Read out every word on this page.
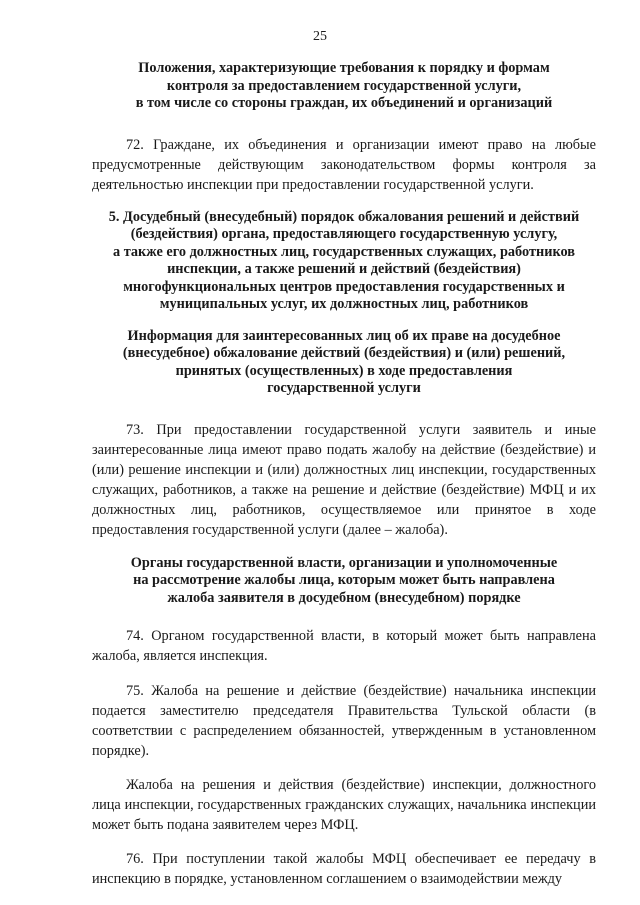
25
Положения, характеризующие требования к порядку и формам
контроля за предоставлением государственной услуги,
в том числе со стороны граждан, их объединений и организаций

72. Граждане, их объединения и организации имеют право на любые предусмотренные действующим законодательством формы контроля за деятельностью инспекции при предоставлении государственной услуги.

5. Досудебный (внесудебный) порядок обжалования решений и действий
(бездействия) органа, предоставляющего государственную услугу,
а также его должностных лиц, государственных служащих, работников
инспекции, а также решений и действий (бездействия)
многофункциональных центров предоставления государственных и
муниципальных услуг, их должностных лиц, работников
Информация для заинтересованных лиц об их праве на досудебное
(внесудебное) обжалование действий (бездействия) и (или) решений,
принятых (осуществленных) в ходе предоставления
государственной услуги

73. При предоставлении государственной услуги заявитель и иные заинтересованные лица имеют право подать жалобу на действие (бездействие) и (или) решение инспекции и (или) должностных лиц инспекции, государственных служащих, работников, а также на решение и действие (бездействие) МФЦ и их должностных лиц, работников, осуществляемое или принятое в ходе предоставления государственной услуги (далее – жалоба).

Органы государственной власти, организации и уполномоченные
на рассмотрение жалобы лица, которым может быть направлена
жалоба заявителя в досудебном (внесудебном) порядке

74. Органом государственной власти, в который может быть направлена жалоба, является инспекция.

75. Жалоба на решение и действие (бездействие) начальника инспекции подается заместителю председателя Правительства Тульской области (в соответствии с распределением обязанностей, утвержденным в установленном порядке).

Жалоба на решения и действия (бездействие) инспекции, должностного лица инспекции, государственных гражданских служащих, начальника инспекции может быть подана заявителем через МФЦ.

76. При поступлении такой жалобы МФЦ обеспечивает ее передачу в инспекцию в порядке, установленном соглашением о взаимодействии между
